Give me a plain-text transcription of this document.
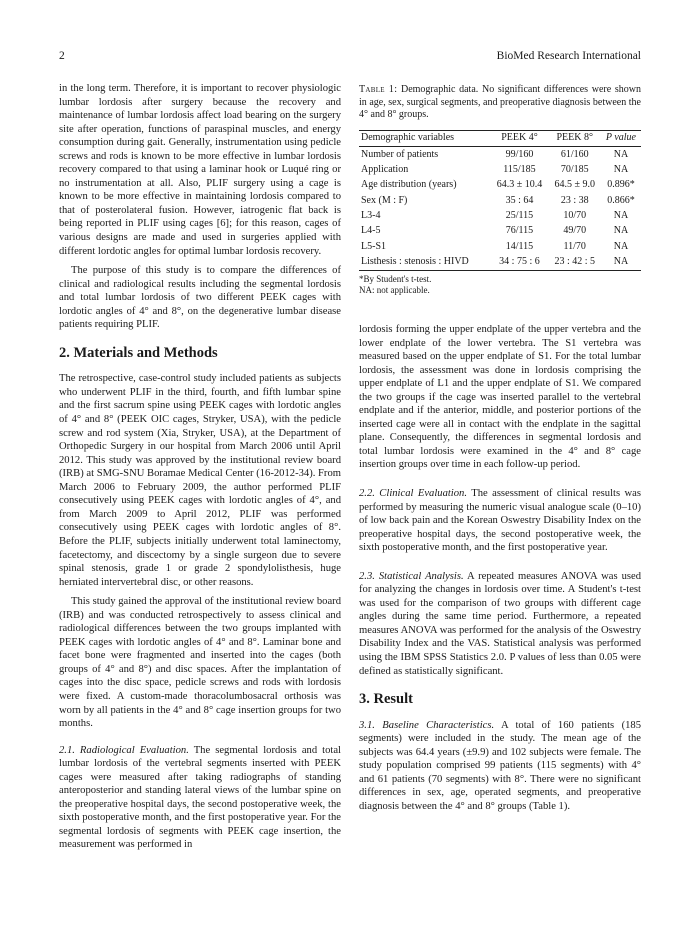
2	BioMed Research International

in the long term. Therefore, it is important to recover physiologic lumbar lordosis after surgery because the recovery and maintenance of lumbar lordosis affect load bearing on the surgery site after operation, functions of paraspinal muscles, and energy consumption during gait. Generally, instrumentation using pedicle screws and rods is known to be more effective in lumbar lordosis recovery compared to that using a laminar hook or Luqué ring or no instrumentation at all. Also, PLIF surgery using a cage is known to be more effective in maintaining lordosis compared to that of posterolateral fusion. However, iatrogenic flat back is being reported in PLIF using cages [6]; for this reason, cages of various designs are made and used in surgeries applied with different lordotic angles for optimal lumbar lordosis recovery.

The purpose of this study is to compare the differences of clinical and radiological results including the segmental lordosis and total lumbar lordosis of two different PEEK cages with lordotic angles of 4° and 8°, on the degenerative lumbar disease patients requiring PLIF.

2. Materials and Methods

The retrospective, case-control study included patients as subjects who underwent PLIF in the third, fourth, and fifth lumbar spine and the first sacrum spine using PEEK cages with lordotic angles of 4° and 8° (PEEK OIC cages, Stryker, USA), with the pedicle screw and rod system (Xia, Stryker, USA), at the Department of Orthopedic Surgery in our hospital from March 2006 until April 2012. This study was approved by the institutional review board (IRB) at SMG-SNU Boramae Medical Center (16-2012-34). From March 2006 to February 2009, the author performed PLIF consecutively using PEEK cages with lordotic angles of 4°, and from March 2009 to April 2012, PLIF was performed consecutively using PEEK cages with lordotic angles of 8°. Before the PLIF, subjects initially underwent total laminectomy, facetectomy, and discectomy by a single surgeon due to severe spinal stenosis, grade 1 or grade 2 spondylolisthesis, huge herniated intervertebral disc, or other reasons.

This study gained the approval of the institutional review board (IRB) and was conducted retrospectively to assess clinical and radiological differences between the two groups implanted with PEEK cages with lordotic angles of 4° and 8°. Laminar bone and facet bone were fragmented and inserted into the cages (both groups of 4° and 8°) and disc spaces. After the implantation of cages into the disc space, pedicle screws and rods with lordosis were fixed. A custom-made thoracolumbosacral orthosis was worn by all patients in the 4° and 8° cage insertion groups for two months.

2.1. Radiological Evaluation. The segmental lordosis and total lumbar lordosis of the vertebral segments inserted with PEEK cages were measured after taking radiographs of standing anteroposterior and standing lateral views of the lumbar spine on the preoperative hospital days, the second postoperative week, the sixth postoperative month, and the first postoperative year. For the segmental lordosis of segments with PEEK cage insertion, the measurement was performed in

Table 1: Demographic data. No significant differences were shown in age, sex, surgical segments, and preoperative diagnosis between the 4° and 8° groups.
Demographic variables	PEEK 4°	PEEK 8°	P value
Number of patients	99/160	61/160	NA
Application	115/185	70/185	NA
Age distribution (years)	64.3 ± 10.4	64.5 ± 9.0	0.896*
Sex (M : F)	35 : 64	23 : 38	0.866*
L3-4	25/115	10/70	NA
L4-5	76/115	49/70	NA
L5-S1	14/115	11/70	NA
Listhesis : stenosis : HIVD	34 : 75 : 6	23 : 42 : 5	NA
*By Student's t-test.
NA: not applicable.

lordosis forming the upper endplate of the upper vertebra and the lower endplate of the lower vertebra. The S1 vertebra was measured based on the upper endplate of S1. For the total lumbar lordosis, the assessment was done in lordosis comprising the upper endplate of L1 and the upper endplate of S1. We compared the two groups if the cage was inserted parallel to the vertebral endplate and if the anterior, middle, and posterior portions of the inserted cage were all in contact with the endplate in the sagittal plane. Consequently, the differences in segmental lordosis and total lumbar lordosis were examined in the 4° and 8° cage insertion groups over time in each follow-up period.

2.2. Clinical Evaluation. The assessment of clinical results was performed by measuring the numeric visual analogue scale (0–10) of low back pain and the Korean Oswestry Disability Index on the preoperative hospital days, the second postoperative week, the sixth postoperative month, and the first postoperative year.

2.3. Statistical Analysis. A repeated measures ANOVA was used for analyzing the changes in lordosis over time. A Student's t-test was used for the comparison of two groups with different cage angles during the same time period. Furthermore, a repeated measures ANOVA was performed for the analysis of the Oswestry Disability Index and the VAS. Statistical analysis was performed using the IBM SPSS Statistics 2.0. P values of less than 0.05 were defined as statistically significant.

3. Result

3.1. Baseline Characteristics. A total of 160 patients (185 segments) were included in the study. The mean age of the subjects was 64.4 years (±9.9) and 102 subjects were female. The study population comprised 99 patients (115 segments) with 4° and 61 patients (70 segments) with 8°. There were no significant differences in sex, age, operated segments, and preoperative diagnosis between the 4° and 8° groups (Table 1).
